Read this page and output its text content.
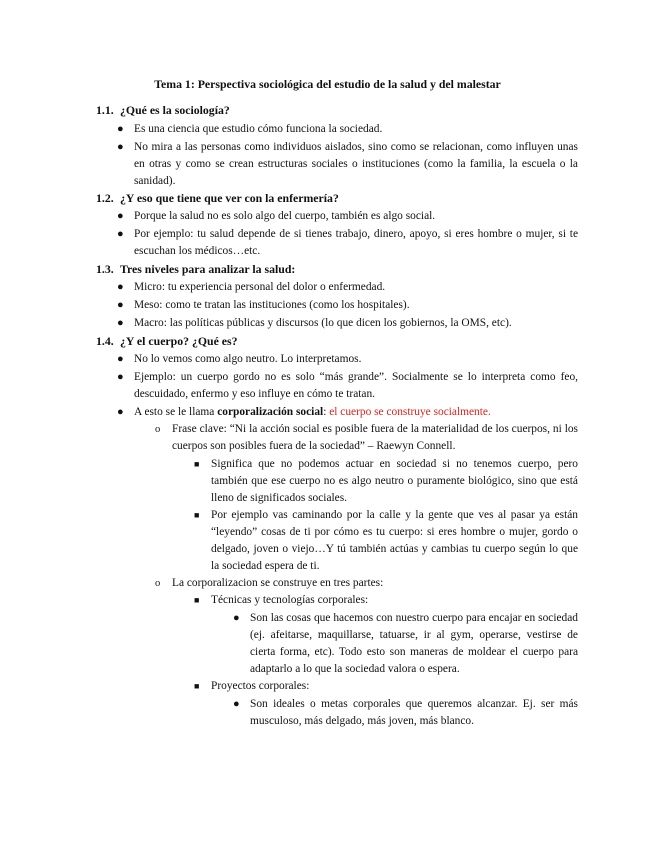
Tema 1: Perspectiva sociológica del estudio de la salud y del malestar
1.1. ¿Qué es la sociología?
● Es una ciencia que estudio cómo funciona la sociedad.
● No mira a las personas como individuos aislados, sino como se relacionan, como influyen unas en otras y como se crean estructuras sociales o instituciones (como la familia, la escuela o la sanidad).
1.2. ¿Y eso que tiene que ver con la enfermería?
● Porque la salud no es solo algo del cuerpo, también es algo social.
● Por ejemplo: tu salud depende de si tienes trabajo, dinero, apoyo, si eres hombre o mujer, si te escuchan los médicos…etc.
1.3. Tres niveles para analizar la salud:
● Micro: tu experiencia personal del dolor o enfermedad.
● Meso: como te tratan las instituciones (como los hospitales).
● Macro: las políticas públicas y discursos (lo que dicen los gobiernos, la OMS, etc).
1.4. ¿Y el cuerpo? ¿Qué es?
● No lo vemos como algo neutro. Lo interpretamos.
● Ejemplo: un cuerpo gordo no es solo “más grande”. Socialmente se lo interpreta como feo, descuidado, enfermo y eso influye en cómo te tratan.
● A esto se le llama corporalización social: el cuerpo se construye socialmente.
o Frase clave: “Ni la acción social es posible fuera de la materialidad de los cuerpos, ni los cuerpos son posibles fuera de la sociedad” – Raewyn Connell.
■ Significa que no podemos actuar en sociedad si no tenemos cuerpo, pero también que ese cuerpo no es algo neutro o puramente biológico, sino que está lleno de significados sociales.
■ Por ejemplo vas caminando por la calle y la gente que ves al pasar ya están “leyendo” cosas de ti por cómo es tu cuerpo: si eres hombre o mujer, gordo o delgado, joven o viejo…Y tú también actúas y cambias tu cuerpo según lo que la sociedad espera de ti.
o La corporalizacion se construye en tres partes:
■ Técnicas y tecnologías corporales:
● Son las cosas que hacemos con nuestro cuerpo para encajar en sociedad (ej. afeitarse, maquillarse, tatuarse, ir al gym, operarse, vestirse de cierta forma, etc). Todo esto son maneras de moldear el cuerpo para adaptarlo a lo que la sociedad valora o espera.
■ Proyectos corporales:
● Son ideales o metas corporales que queremos alcanzar. Ej. ser más musculoso, más delgado, más joven, más blanco.
